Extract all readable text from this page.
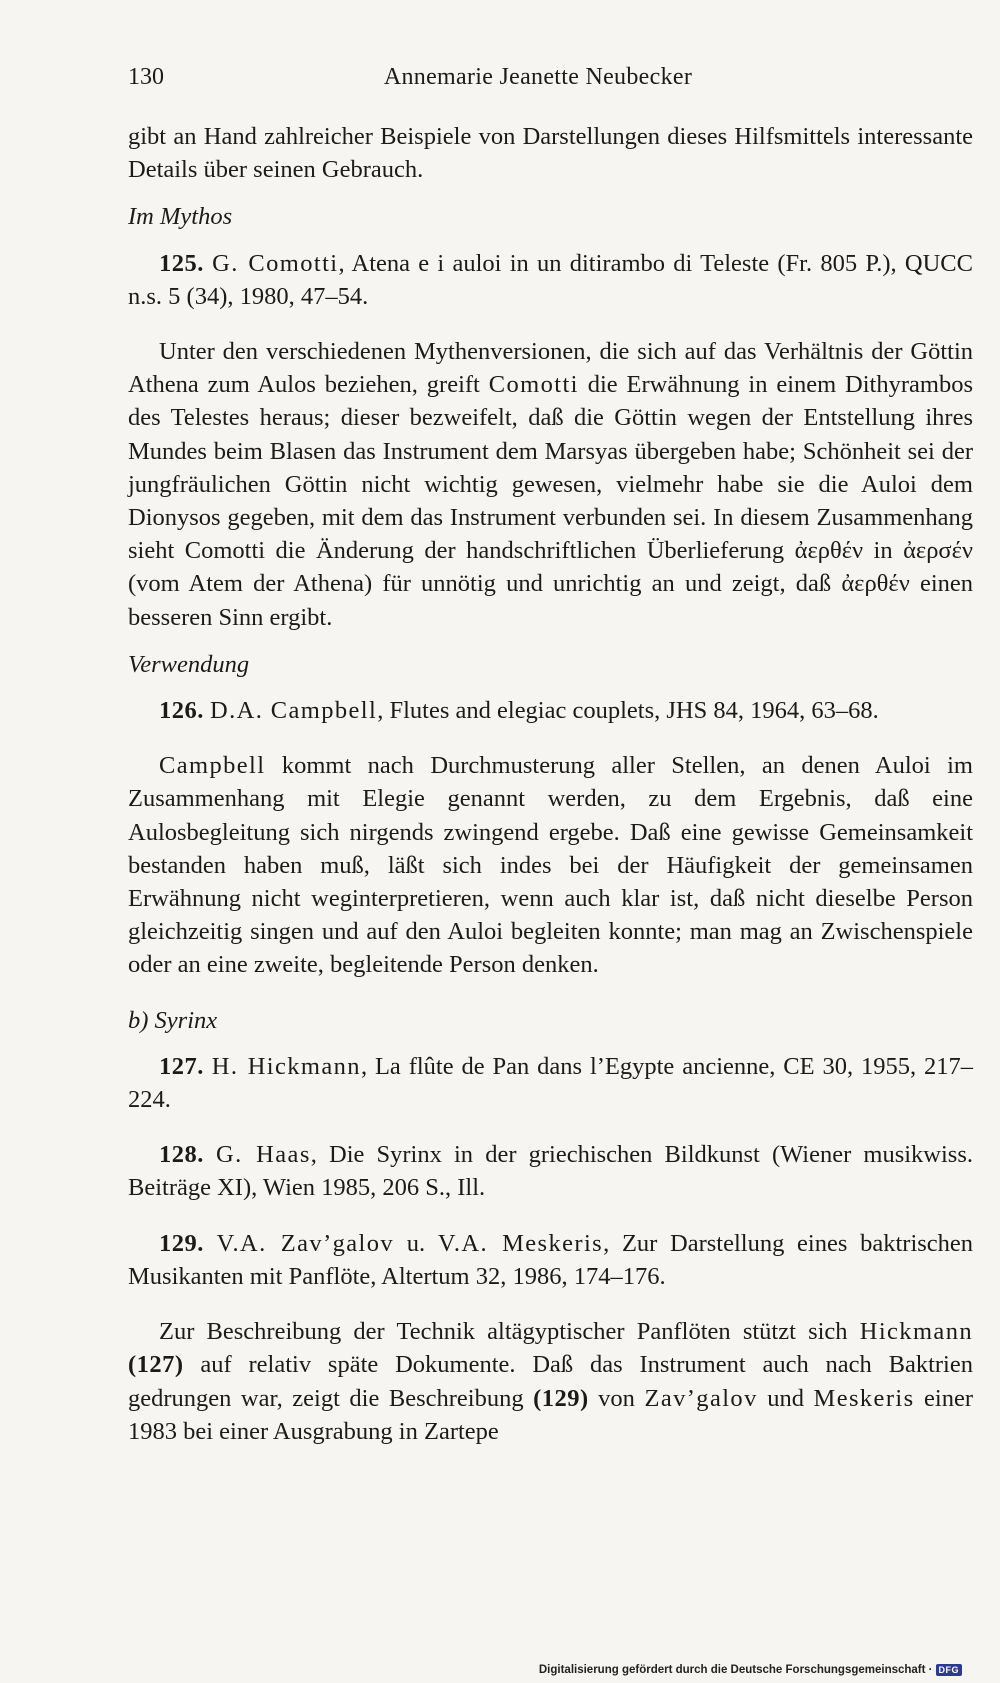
130	Annemarie Jeanette Neubecker

gibt an Hand zahlreicher Beispiele von Darstellungen dieses Hilfsmittels interessante Details über seinen Gebrauch.

Im Mythos

125. G. Comotti, Atena e i auloi in un ditirambo di Teleste (Fr. 805 P.), QUCC n.s. 5 (34), 1980, 47–54.

Unter den verschiedenen Mythenversionen, die sich auf das Verhältnis der Göttin Athena zum Aulos beziehen, greift Comotti die Erwähnung in einem Dithyrambos des Telestes heraus; dieser bezweifelt, daß die Göttin wegen der Entstellung ihres Mundes beim Blasen das Instrument dem Marsyas übergeben habe; Schönheit sei der jungfräulichen Göttin nicht wichtig gewesen, vielmehr habe sie die Auloi dem Dionysos gegeben, mit dem das Instrument verbunden sei. In diesem Zusammenhang sieht Comotti die Änderung der handschriftlichen Überlieferung ἀερθέν in ἀερσέν (vom Atem der Athena) für unnötig und unrichtig an und zeigt, daß ἀερθέν einen besseren Sinn ergibt.

Verwendung

126. D.A. Campbell, Flutes and elegiac couplets, JHS 84, 1964, 63–68.

Campbell kommt nach Durchmusterung aller Stellen, an denen Auloi im Zusammenhang mit Elegie genannt werden, zu dem Ergebnis, daß eine Aulosbegleitung sich nirgends zwingend ergebe. Daß eine gewisse Gemeinsamkeit bestanden haben muß, läßt sich indes bei der Häufigkeit der gemeinsamen Erwähnung nicht weginterpretieren, wenn auch klar ist, daß nicht dieselbe Person gleichzeitig singen und auf den Auloi begleiten konnte; man mag an Zwischenspiele oder an eine zweite, begleitende Person denken.

b) Syrinx

127. H. Hickmann, La flûte de Pan dans l’Egypte ancienne, CE 30, 1955, 217–224.

128. G. Haas, Die Syrinx in der griechischen Bildkunst (Wiener musikwiss. Beiträge XI), Wien 1985, 206 S., Ill.

129. V.A. Zav’galov u. V.A. Meskeris, Zur Darstellung eines baktrischen Musikanten mit Panflöte, Altertum 32, 1986, 174–176.

Zur Beschreibung der Technik altägyptischer Panflöten stützt sich Hickmann (127) auf relativ späte Dokumente. Daß das Instrument auch nach Baktrien gedrungen war, zeigt die Beschreibung (129) von Zav’galov und Meskeris einer 1983 bei einer Ausgrabung in Zartepe

Digitalisierung gefördert durch die Deutsche Forschungsgemeinschaft · DFG
